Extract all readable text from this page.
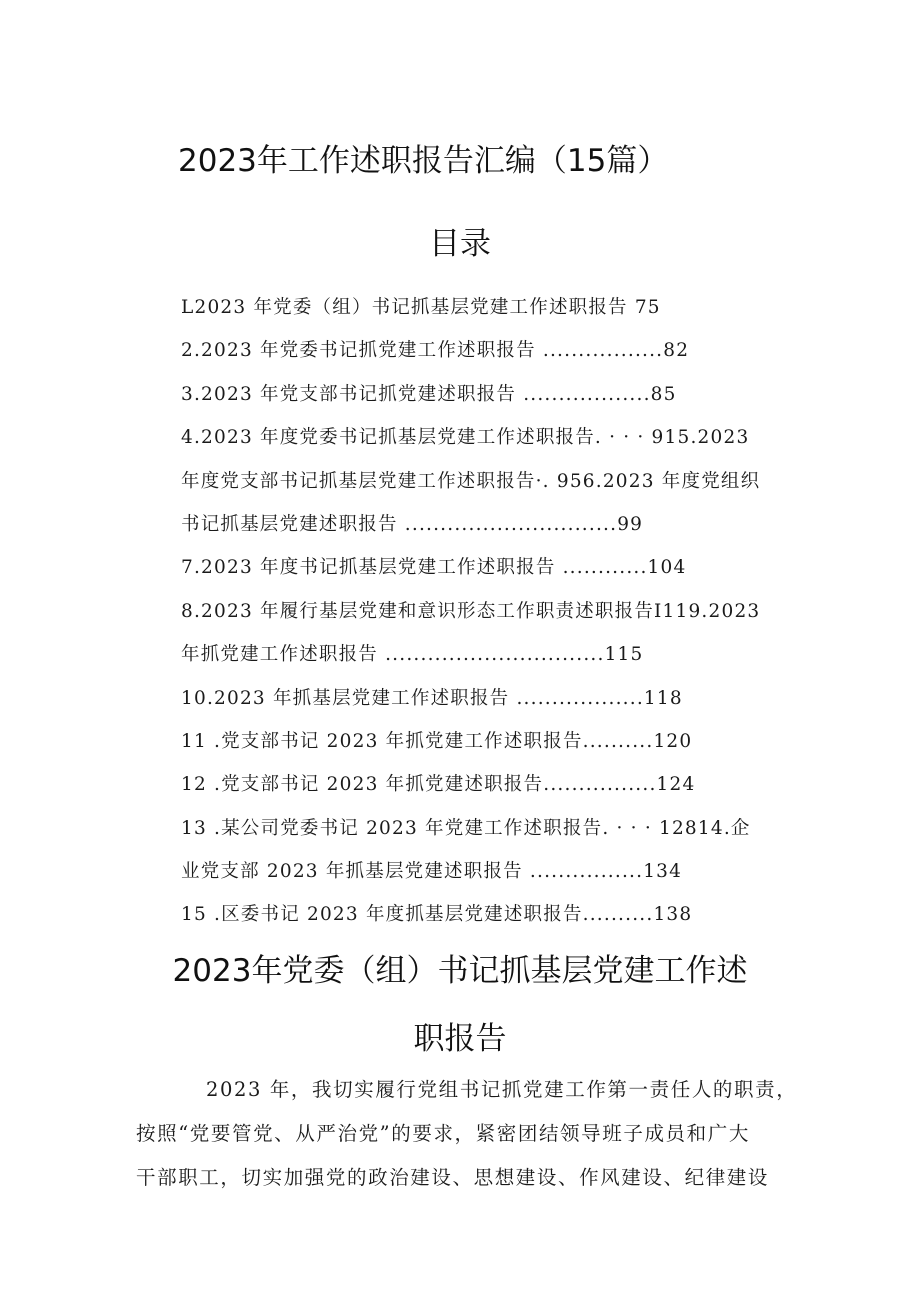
2023年工作述职报告汇编（15篇）
目录
L2023 年党委（组）书记抓基层党建工作述职报告 75
2.2023 年党委书记抓党建工作述职报告 .................82
3.2023 年党支部书记抓党建述职报告 ..................85
4.2023 年度党委书记抓基层党建工作述职报告. · · · 915.2023
年度党支部书记抓基层党建工作述职报告·. 956.2023 年度党组织
书记抓基层党建述职报告 ..............................99
7.2023 年度书记抓基层党建工作述职报告 ............104
8.2023 年履行基层党建和意识形态工作职责述职报告I119.2023
年抓党建工作述职报告 ...............................115
10.2023 年抓基层党建工作述职报告 ..................118
11 .党支部书记 2023 年抓党建工作述职报告..........120
12 .党支部书记 2023 年抓党建述职报告................124
13 .某公司党委书记 2023 年党建工作述职报告. · · · 12814.企
业党支部 2023 年抓基层党建述职报告 ................134
15 .区委书记 2023 年度抓基层党建述职报告..........138
2023年党委（组）书记抓基层党建工作述
职报告
2023 年，我切实履行党组书记抓党建工作第一责任人的职责，
按照“党要管党、从严治党”的要求，紧密团结领导班子成员和广大
干部职工，切实加强党的政治建设、思想建设、作风建设、纪律建设
